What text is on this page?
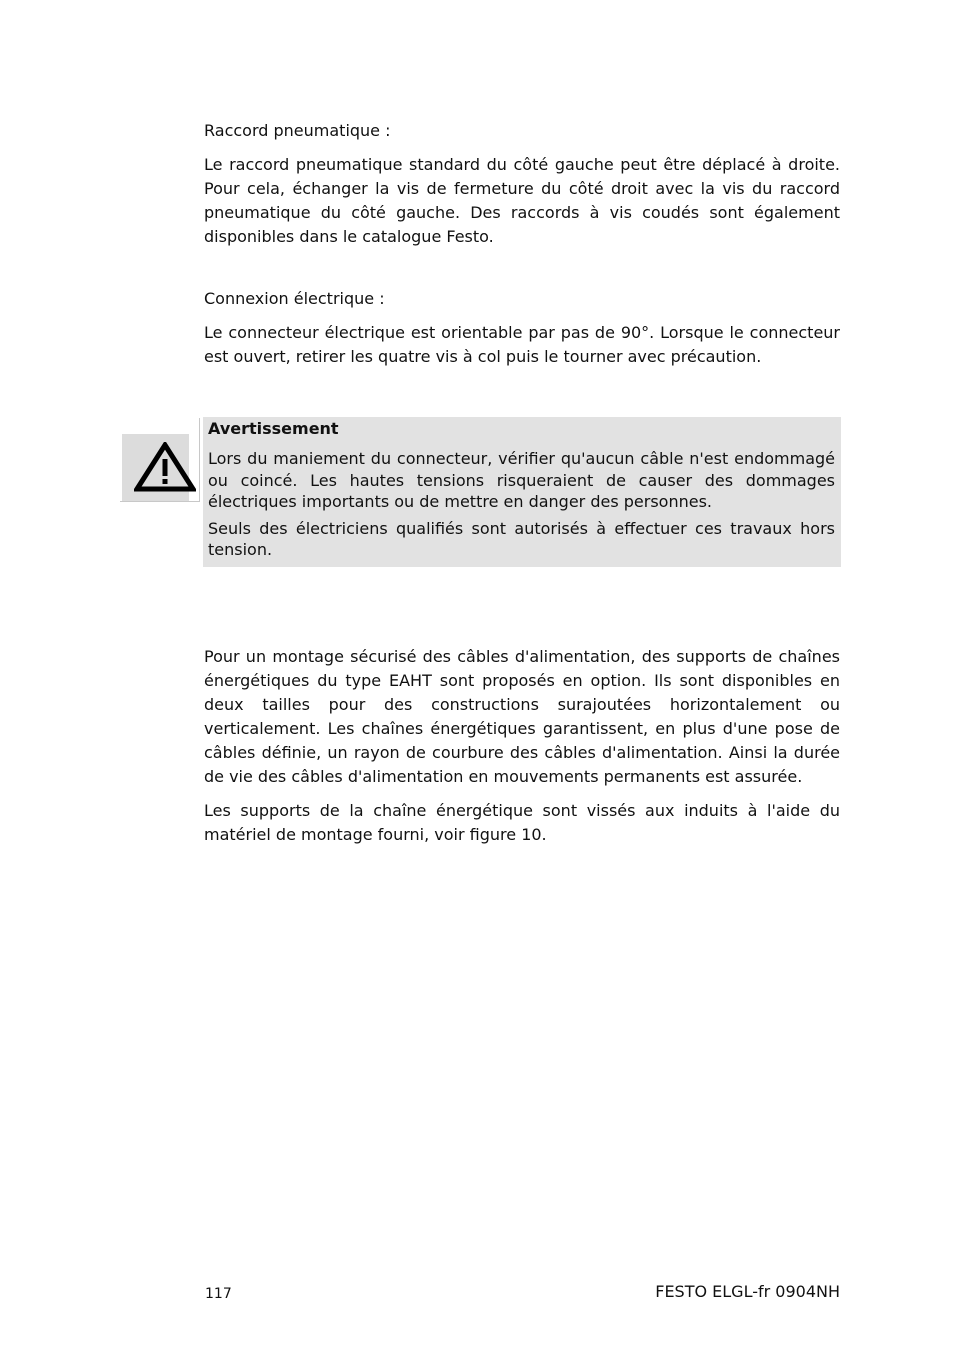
Raccord pneumatique :

Le raccord pneumatique standard du côté gauche peut être déplacé à droite. Pour cela, échanger la vis de fermeture du côté droit avec la vis du raccord pneumatique du côté gauche. Des raccords à vis coudés sont également disponibles dans le catalogue Festo.

Connexion électrique :

Le connecteur électrique est orientable par pas de 90°. Lorsque le connecteur est ouvert, retirer les quatre vis à col puis le tourner avec précaution.

Avertissement

Lors du maniement du connecteur, vérifier qu'aucun câble n'est endommagé ou coincé. Les hautes tensions risqueraient de causer des dommages électriques importants ou de mettre en danger des personnes.

Seuls des électriciens qualifiés sont autorisés à effectuer ces travaux hors tension.

Pour un montage sécurisé des câbles d'alimentation, des supports de chaînes énergétiques du type EAHT sont proposés en option. Ils sont disponibles en deux tailles pour des constructions surajoutées horizontalement ou verticalement. Les chaînes énergétiques garantissent, en plus d'une pose de câbles définie, un rayon de courbure des câbles d'alimentation. Ainsi la durée de vie des câbles d'alimentation en mouvements permanents est assurée.

Les supports de la chaîne énergétique sont vissés aux induits à l'aide du matériel de montage fourni, voir figure 10.

117	FESTO ELGL-fr 0904NH
